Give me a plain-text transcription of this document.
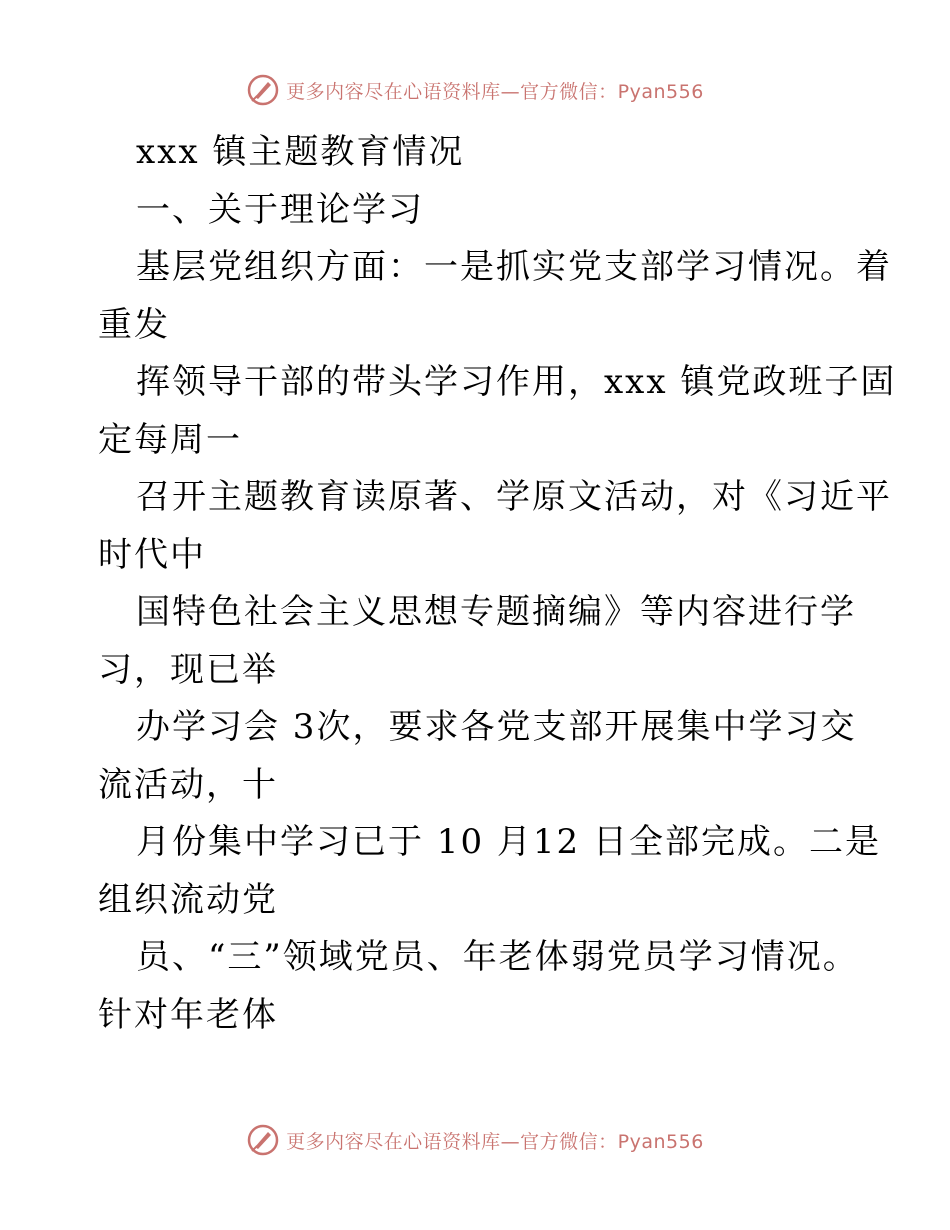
更多内容尽在心语资料库—官方微信：Pyan556
xxx 镇主题教育情况
一、关于理论学习
基层党组织方面：一是抓实党支部学习情况。着
重发
挥领导干部的带头学习作用，xxx 镇党政班子固
定每周一
召开主题教育读原著、学原文活动，对《习近平
时代中
国特色社会主义思想专题摘编》等内容进行学
习，现已举
办学习会 3次，要求各党支部开展集中学习交
流活动，十
月份集中学习已于 10 月12 日全部完成。二是
组织流动党
员、“三”领域党员、年老体弱党员学习情况。
针对年老体
更多内容尽在心语资料库—官方微信：Pyan556
